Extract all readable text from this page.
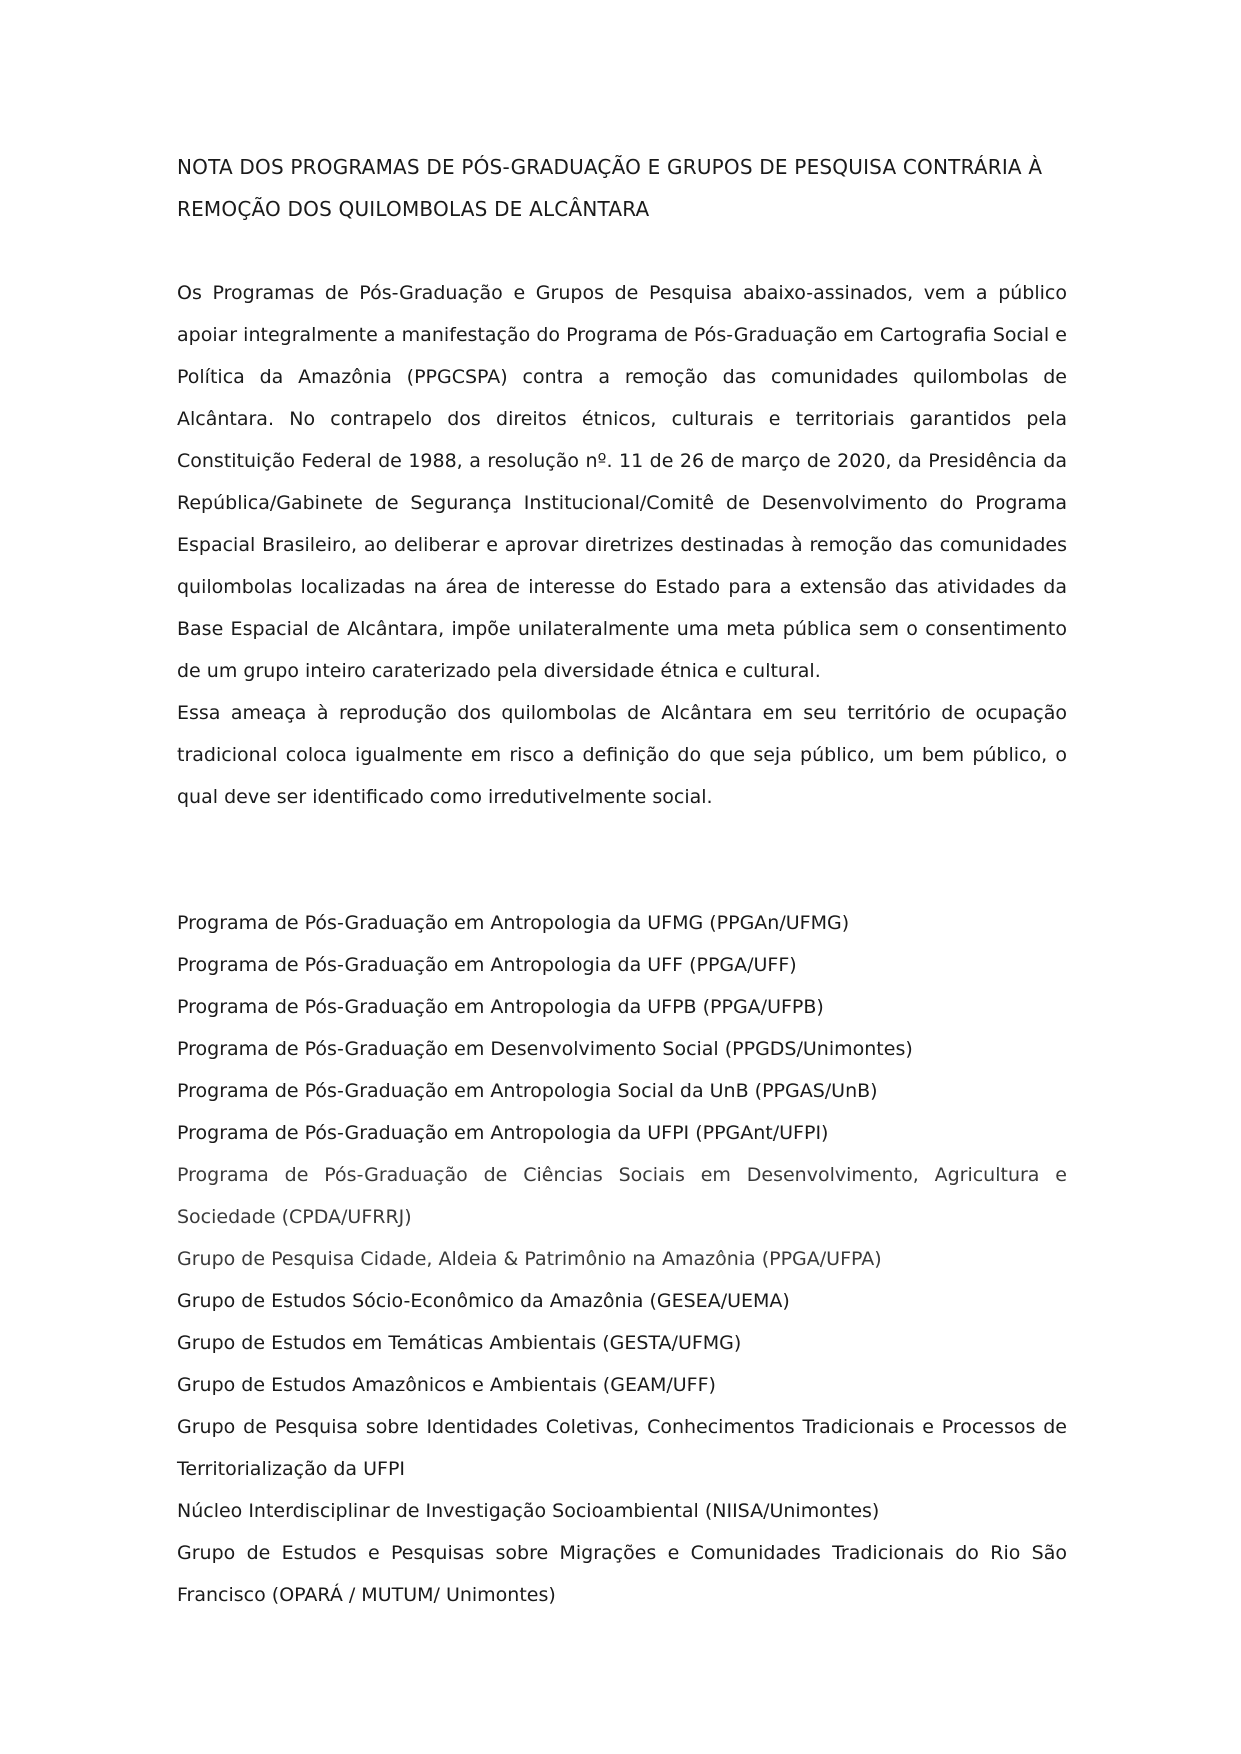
NOTA DOS PROGRAMAS DE PÓS-GRADUAÇÃO E GRUPOS DE PESQUISA CONTRÁRIA À REMOÇÃO DOS QUILOMBOLAS DE ALCÂNTARA

Os Programas de Pós-Graduação e Grupos de Pesquisa abaixo-assinados, vem a público apoiar integralmente a manifestação do Programa de Pós-Graduação em Cartografia Social e Política da Amazônia (PPGCSPA) contra a remoção das comunidades quilombolas de Alcântara. No contrapelo dos direitos étnicos, culturais e territoriais garantidos pela Constituição Federal de 1988, a resolução nº. 11 de 26 de março de 2020, da Presidência da República/Gabinete de Segurança Institucional/Comitê de Desenvolvimento do Programa Espacial Brasileiro, ao deliberar e aprovar diretrizes destinadas à remoção das comunidades quilombolas localizadas na área de interesse do Estado para a extensão das atividades da Base Espacial de Alcântara, impõe unilateralmente uma meta pública sem o consentimento de um grupo inteiro caraterizado pela diversidade étnica e cultural.

Essa ameaça à reprodução dos quilombolas de Alcântara em seu território de ocupação tradicional coloca igualmente em risco a definição do que seja público, um bem público, o qual deve ser identificado como irredutivelmente social.

Programa de Pós-Graduação em Antropologia da UFMG (PPGAn/UFMG)
Programa de Pós-Graduação em Antropologia da UFF (PPGA/UFF)
Programa de Pós-Graduação em Antropologia da UFPB (PPGA/UFPB)
Programa de Pós-Graduação em Desenvolvimento Social (PPGDS/Unimontes)
Programa de Pós-Graduação em Antropologia Social da UnB (PPGAS/UnB)
Programa de Pós-Graduação em Antropologia da UFPI (PPGAnt/UFPI)
Programa de Pós-Graduação de Ciências Sociais em Desenvolvimento, Agricultura e Sociedade (CPDA/UFRRJ)
Grupo de Pesquisa Cidade, Aldeia & Patrimônio na Amazônia (PPGA/UFPA)
Grupo de Estudos Sócio-Econômico da Amazônia (GESEA/UEMA)
Grupo de Estudos em Temáticas Ambientais (GESTA/UFMG)
Grupo de Estudos Amazônicos e Ambientais (GEAM/UFF)
Grupo de Pesquisa sobre Identidades Coletivas, Conhecimentos Tradicionais e Processos de Territorialização da UFPI
Núcleo Interdisciplinar de Investigação Socioambiental (NIISA/Unimontes)
Grupo de Estudos e Pesquisas sobre Migrações e Comunidades Tradicionais do Rio São Francisco (OPARÁ / MUTUM/ Unimontes)
